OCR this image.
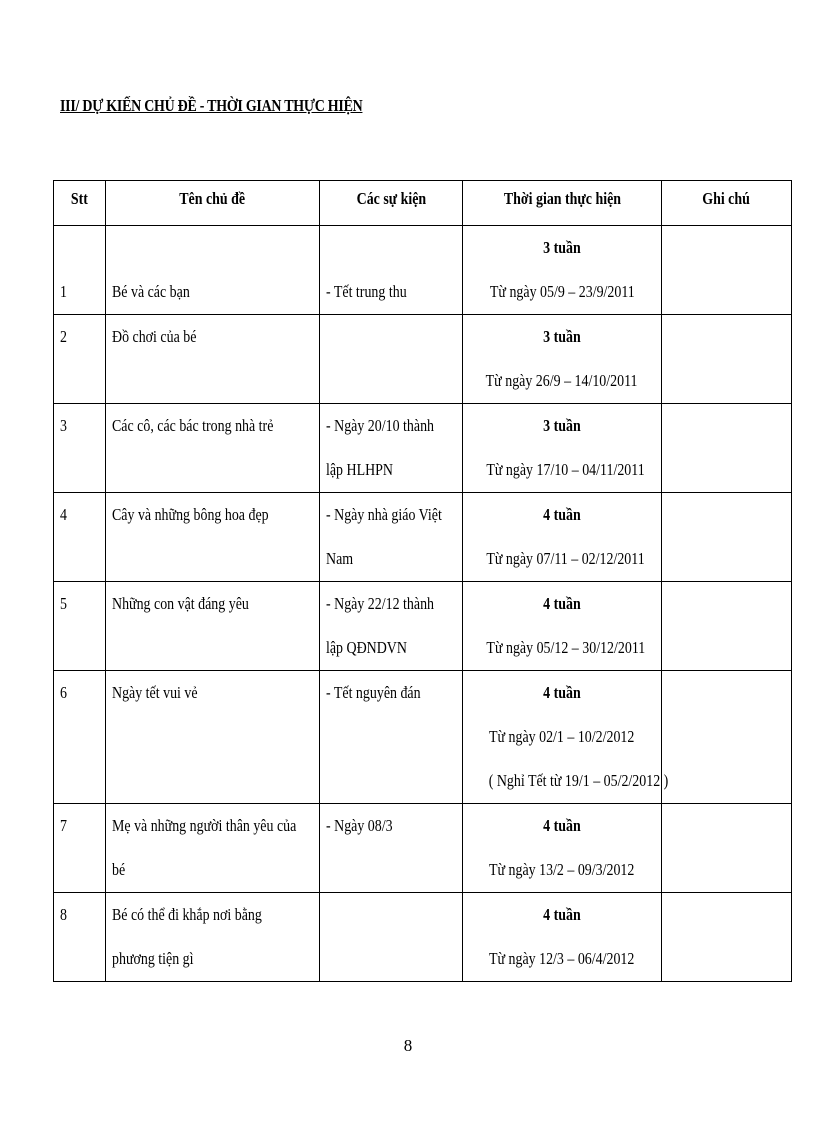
III/ DỰ KIẾN CHỦ ĐỀ - THỜI GIAN THỰC HIỆN
Stt	Tên chủ đề	Các sự kiện	Thời gian thực hiện	Ghi chú

1	Bé và các bạn	- Tết trung thu	3 tuần
Từ ngày 05/9 – 23/9/2011	

2	Đồ chơi của bé		3 tuần
Từ ngày 26/9 – 14/10/2011	

3	Các cô, các bác trong nhà trẻ	- Ngày 20/10 thành
lập HLHPN	3 tuần
Từ ngày 17/10 – 04/11/2011	

4	Cây và những bông hoa đẹp	- Ngày nhà giáo Việt
Nam	4 tuần
Từ ngày 07/11 – 02/12/2011	

5	Những con vật đáng yêu	- Ngày 22/12 thành
lập QĐNDVN	4 tuần
Từ ngày 05/12 – 30/12/2011	

6	Ngày tết vui vẻ	- Tết nguyên đán	4 tuần
Từ ngày 02/1 – 10/2/2012
( Nghỉ Tết từ 19/1 – 05/2/2012 )	

7	Mẹ và những người thân yêu của
bé	- Ngày 08/3	4 tuần
Từ ngày 13/2 – 09/3/2012	

8	Bé có thể đi khắp nơi bằng
phương tiện gì		4 tuần
Từ ngày 12/3 – 06/4/2012	

8
